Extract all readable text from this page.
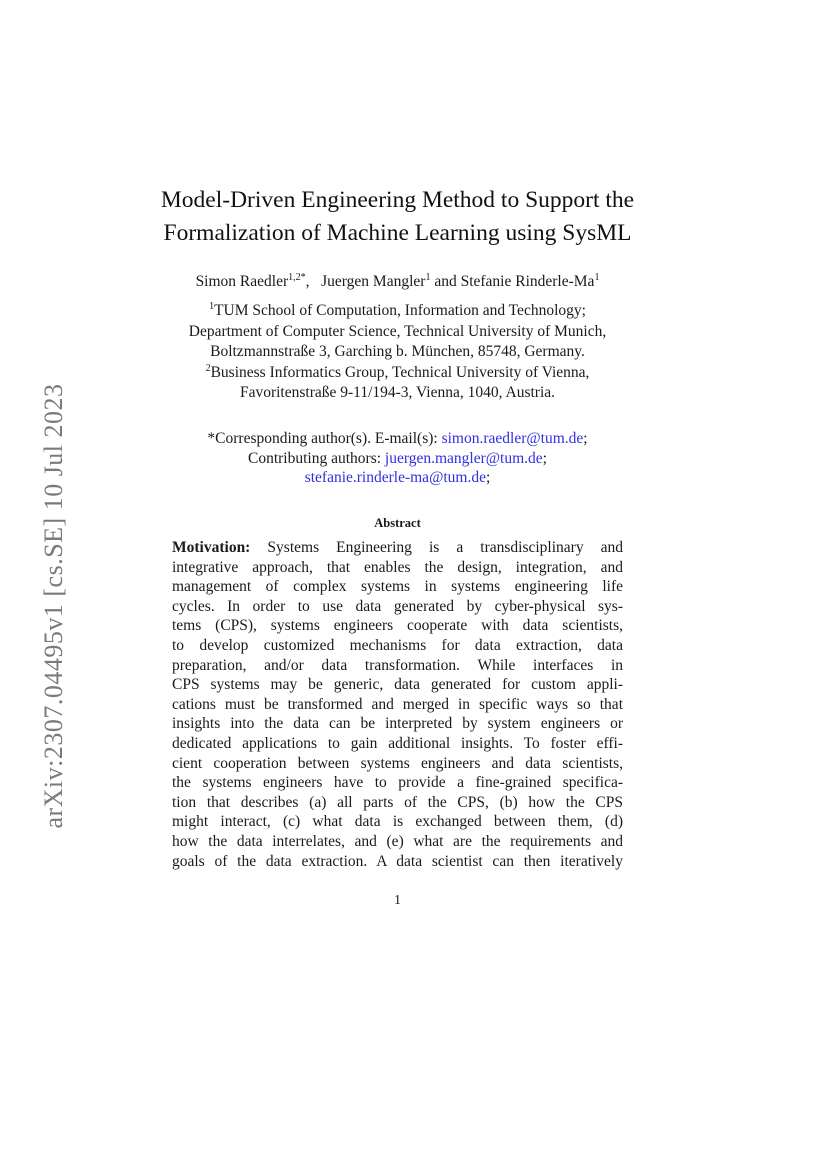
arXiv:2307.04495v1 [cs.SE] 10 Jul 2023
Model-Driven Engineering Method to Support the
Formalization of Machine Learning using SysML
Simon Raedler$^{1,2*}$,   Juergen Mangler$^1$ and Stefanie Rinderle-Ma$^1$
$^1$TUM School of Computation, Information and Technology;
Department of Computer Science, Technical University of Munich,
Boltzmannstraße 3, Garching b. München, 85748, Germany.
$^2$Business Informatics Group, Technical University of Vienna,
Favoritenstraße 9-11/194-3, Vienna, 1040, Austria.
*Corresponding author(s). E-mail(s): simon.raedler@tum.de;
Contributing authors: juergen.mangler@tum.de;
stefanie.rinderle-ma@tum.de;
Abstract
Motivation: Systems Engineering is a transdisciplinary and
integrative approach, that enables the design, integration, and
management of complex systems in systems engineering life
cycles. In order to use data generated by cyber-physical sys-
tems (CPS), systems engineers cooperate with data scientists,
to develop customized mechanisms for data extraction, data
preparation, and/or data transformation. While interfaces in
CPS systems may be generic, data generated for custom appli-
cations must be transformed and merged in specific ways so that
insights into the data can be interpreted by system engineers or
dedicated applications to gain additional insights. To foster effi-
cient cooperation between systems engineers and data scientists,
the systems engineers have to provide a fine-grained specifica-
tion that describes (a) all parts of the CPS, (b) how the CPS
might interact, (c) what data is exchanged between them, (d)
how the data interrelates, and (e) what are the requirements and
goals of the data extraction. A data scientist can then iteratively
1
